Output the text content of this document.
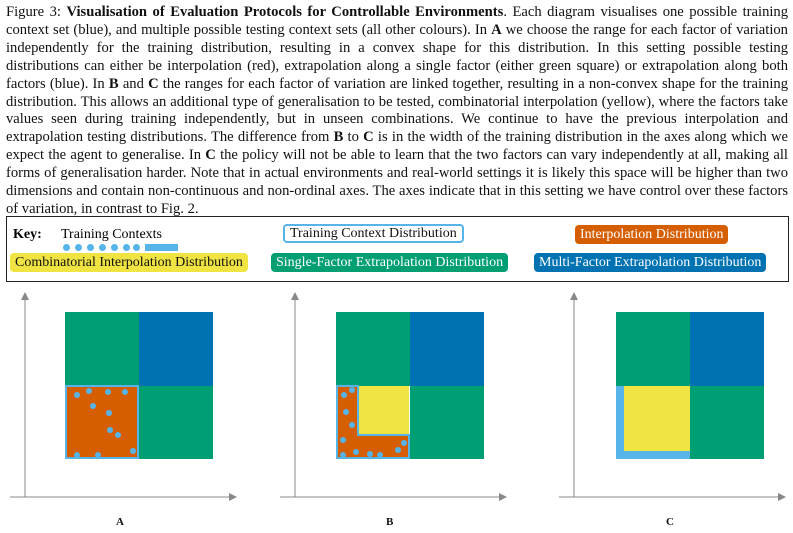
Figure 3: Visualisation of Evaluation Protocols for Controllable Environments. Each diagram visualises one possible training context set (blue), and multiple possible testing context sets (all other colours). In A we choose the range for each factor of variation independently for the training distribution, resulting in a convex shape for this distribution. In this setting possible testing distributions can either be interpolation (red), extrapolation along a single factor (either green square) or extrapolation along both factors (blue). In B and C the ranges for each factor of variation are linked together, resulting in a non-convex shape for the training distribution. This allows an additional type of generalisation to be tested, combinatorial interpolation (yellow), where the factors take values seen during training independently, but in unseen combinations. We continue to have the previous interpolation and extrapolation testing distributions. The difference from B to C is in the width of the training distribution in the axes along which we expect the agent to generalise. In C the policy will not be able to learn that the two factors can vary independently at all, making all forms of generalisation harder. Note that in actual environments and real-world settings it is likely this space will be higher than two dimensions and contain non-continuous and non-ordinal axes. The axes indicate that in this setting we have control over these factors of variation, in contrast to Fig. 2.
Key: Training Contexts	Training Context Distribution	Interpolation Distribution
Combinatorial Interpolation Distribution	Single-Factor Extrapolation Distribution	Multi-Factor Extrapolation Distribution
A	B	C
